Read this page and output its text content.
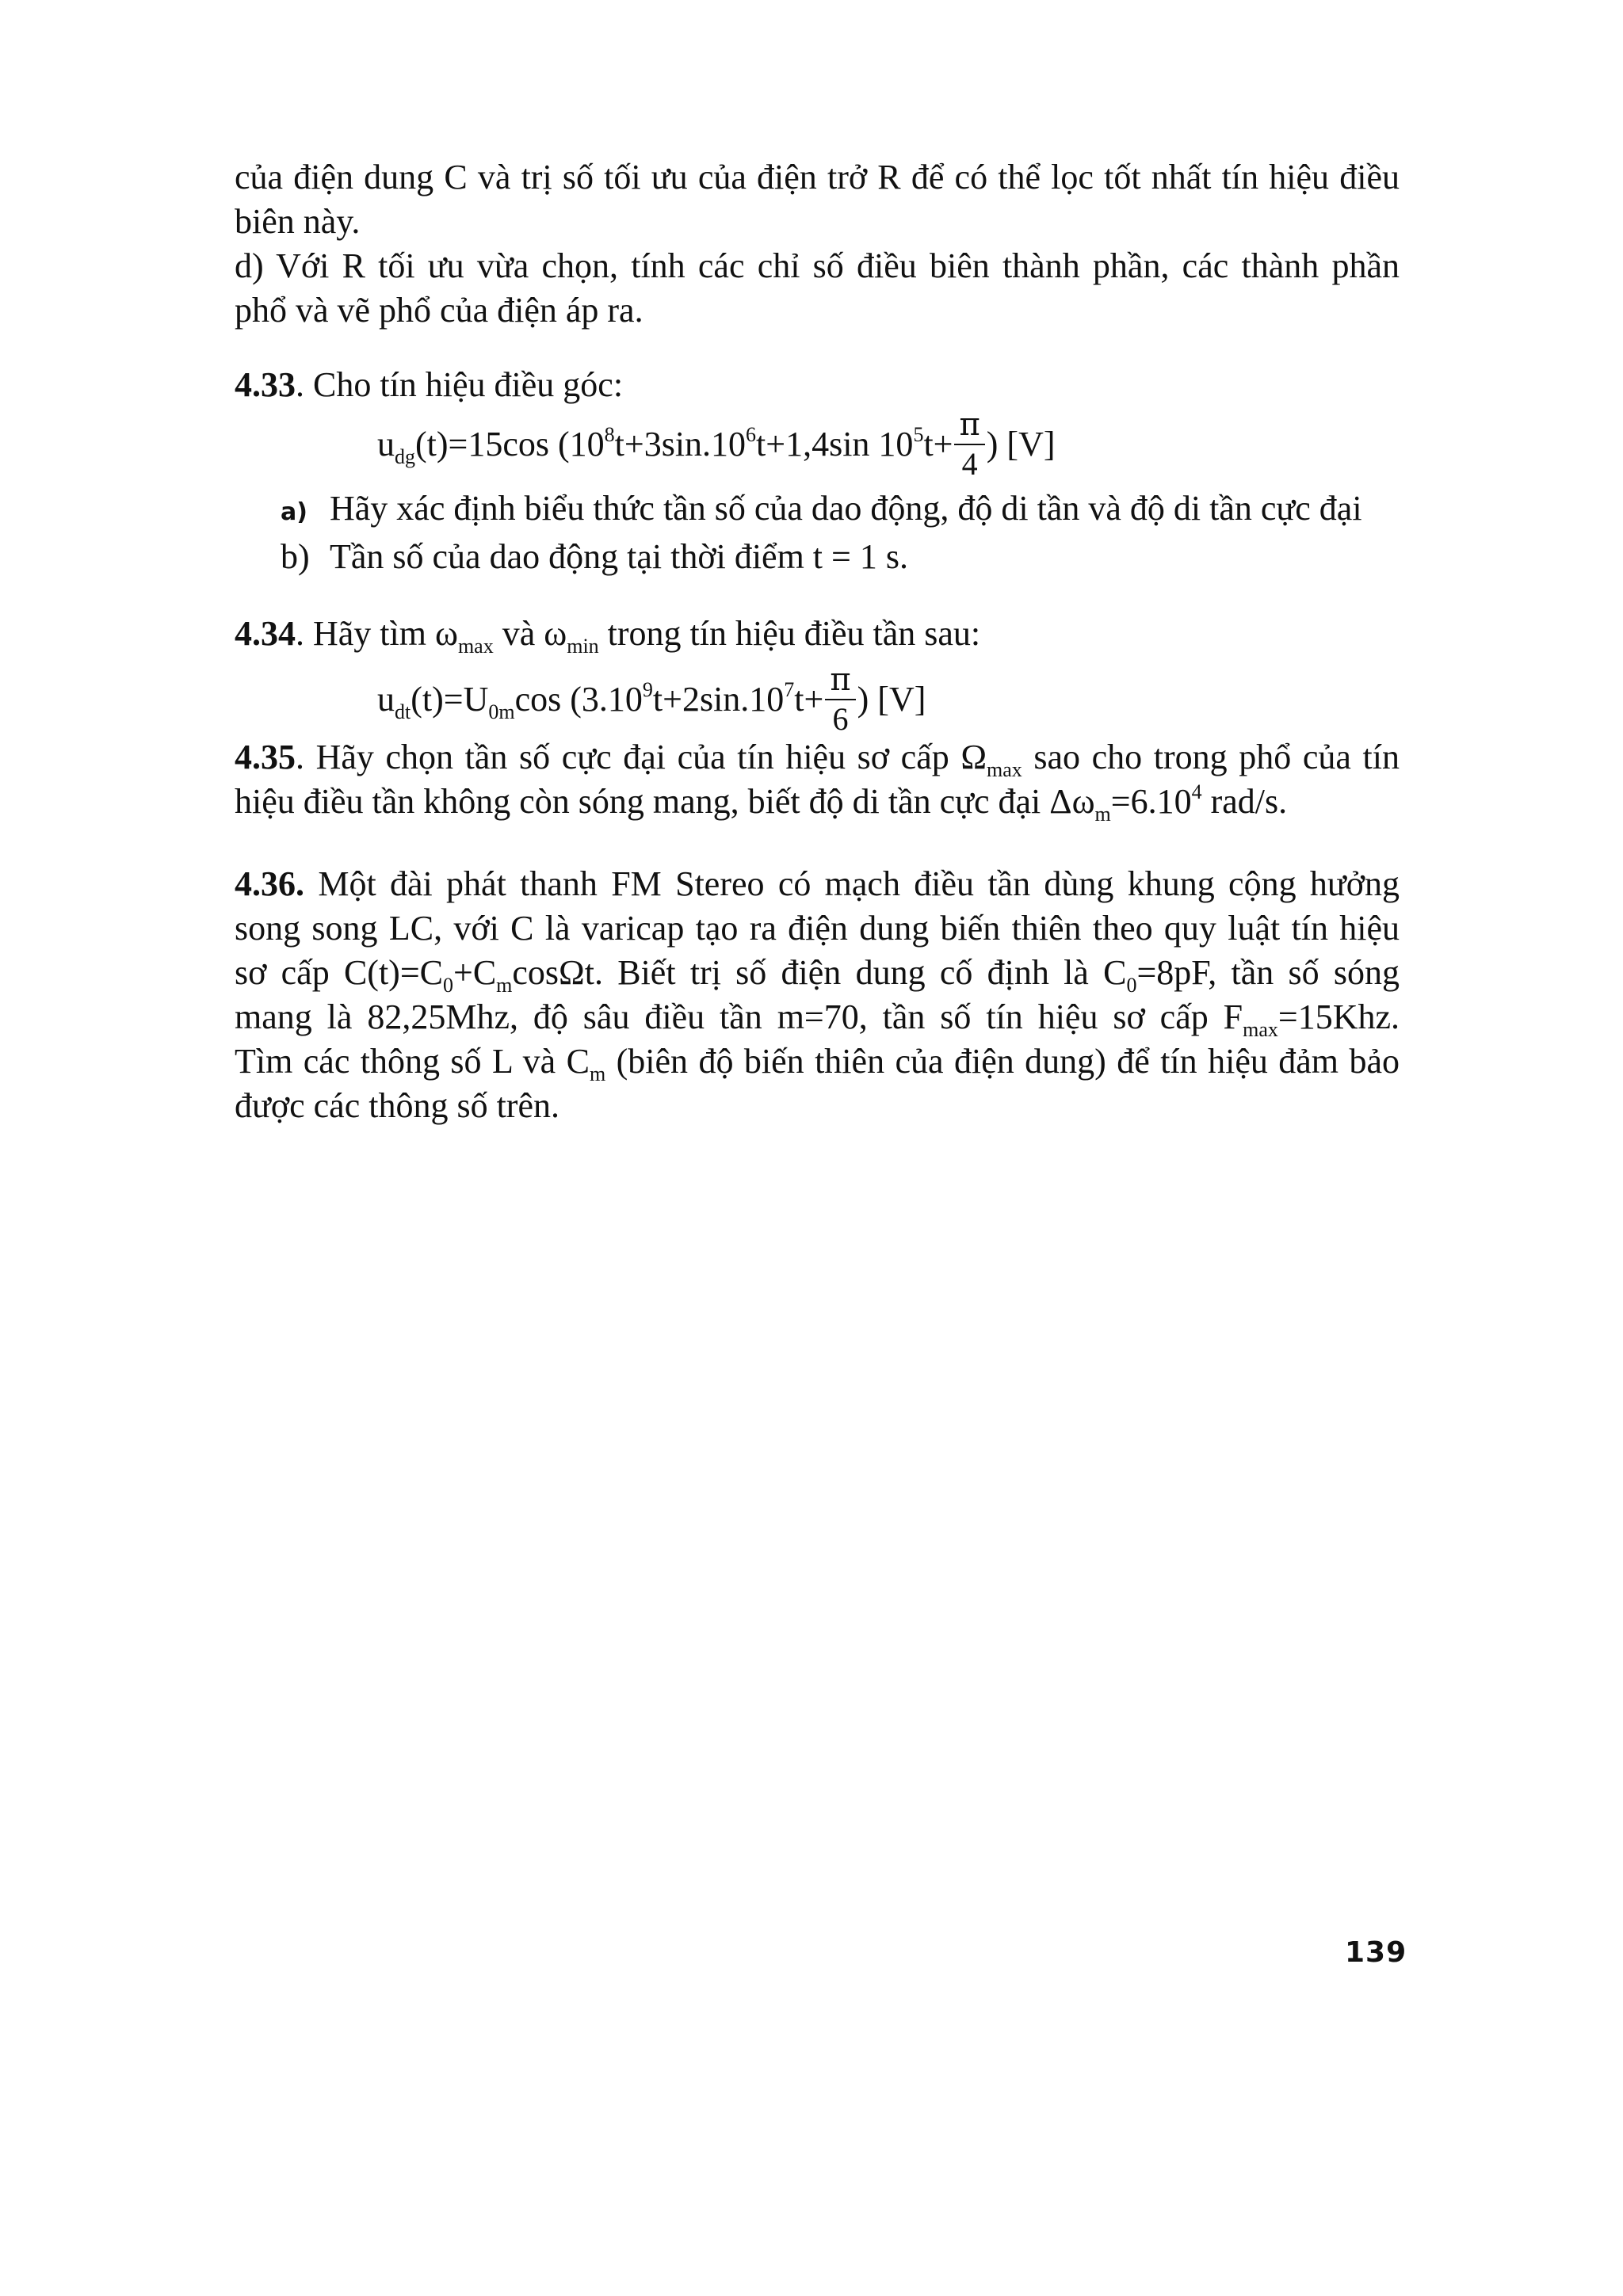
của điện dung C và trị số tối ưu của điện trở R để có thể lọc tốt nhất tín hiệu điều
biên này.
d) Với R tối ưu vừa chọn, tính các chỉ số điều biên thành phần, các thành phần
phổ và vẽ phổ của điện áp ra.
4.33. Cho tín hiệu điều góc:
$u_{dg}(t)=15\cos$ ($10^8t+3\sin.10^6t+1,4\sin$ $10^5t+ \frac{\pi}{4}$ ) [V]
a) Hãy xác định biểu thức tần số của dao động, độ di tần và độ di tần cực đại
b) Tần số của dao động tại thời điểm t = 1 s.
4.34. Hãy tìm $\omega_{max}$ và $\omega_{min}$ trong tín hiệu điều tần sau:
$u_{dt}(t)=U_{0m}\cos$ ($3.10^9t+2\sin.10^7t+ \frac{\pi}{6}$ ) [V]
4.35. Hãy chọn tần số cực đại của tín hiệu sơ cấp $\Omega_{max}$ sao cho trong phổ của tín
hiệu điều tần không còn sóng mang, biết độ di tần cực đại $\Delta\omega_m=6.10^4$ rad/s.
4.36. Một đài phát thanh FM Stereo có mạch điều tần dùng khung cộng hưởng
song song LC, với C là varicap tạo ra điện dung biến thiên theo quy luật tín hiệu
sơ cấp $C(t)=C_0+C_m\cos\Omega t$. Biết trị số điện dung cố định là $C_0=8pF$, tần số sóng
mang là 82,25Mhz, độ sâu điều tần m=70, tần số tín hiệu sơ cấp $F_{max}=15Khz$.
Tìm các thông số L và $C_m$ (biên độ biến thiên của điện dung) để tín hiệu đảm bảo
được các thông số trên.
139
